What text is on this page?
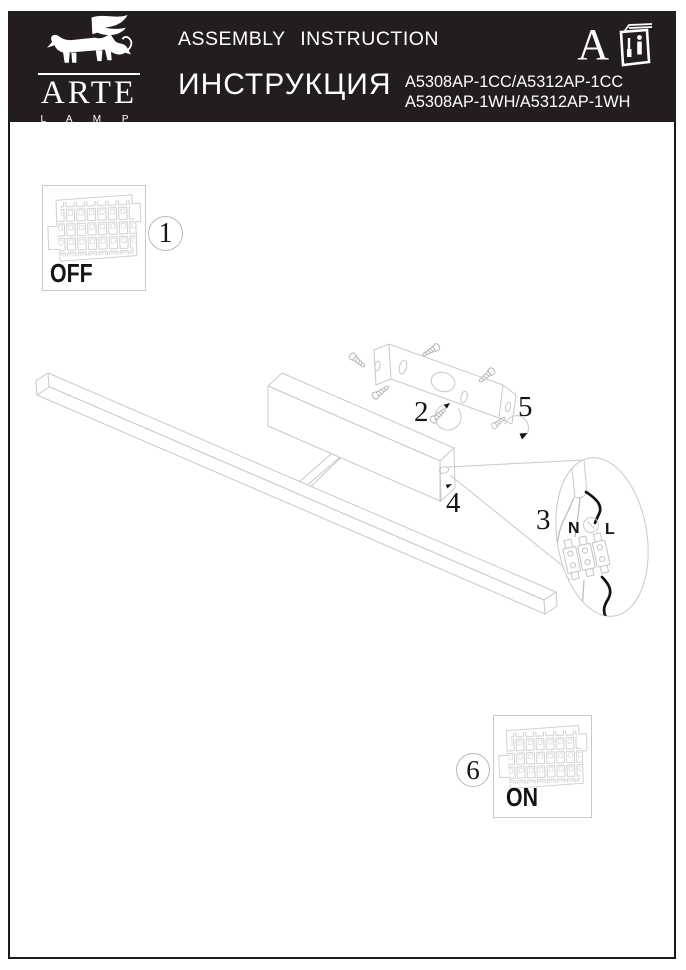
ARTE
L A M P
ASSEMBLY INSTRUCTION
ИНСТРУКЦИЯ A5308AP-1CC/A5312AP-1CC
A5308AP-1WH/A5312AP-1WH
A
OFF
1
ON
6
N L
2	5
4
3
